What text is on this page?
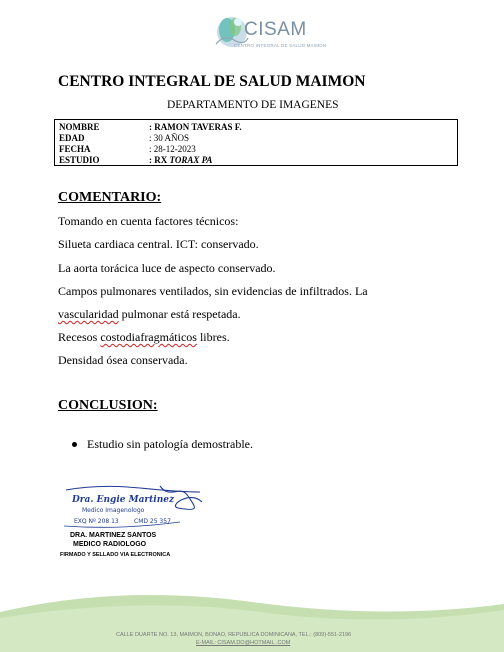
CISAM
CENTRO INTEGRAL DE SALUD MAIMON
CENTRO INTEGRAL DE SALUD MAIMON
DEPARTAMENTO DE IMAGENES
NOMBRE	: RAMON TAVERAS F.
EDAD	: 30 AÑOS
FECHA	: 28-12-2023
ESTUDIO	: RX TORAX PA
COMENTARIO:
Tomando en cuenta factores técnicos:
Silueta cardiaca central. ICT: conservado.
La aorta torácica luce de aspecto conservado.
Campos pulmonares ventilados, sin evidencias de infiltrados. La
vascularidad pulmonar está respetada.
Recesos costodiafragmáticos libres.
Densidad ósea conservada.
CONCLUSION:
Estudio sin patología demostrable.
Dra. Engie Martinez
Medico Imagenologo
EXQ Nº 208 13	CMD 25 357
DRA. MARTINEZ SANTOS
MEDICO RADIOLOGO
FIRMADO Y SELLADO VIA ELECTRONICA
CALLE DUARTE NO. 13, MAIMON, BONAO, REPUBLICA DOMINICANA, TEL.: (809)-551-2196
E-MAIL: CISAM.DO@HOTMAIL .COM
